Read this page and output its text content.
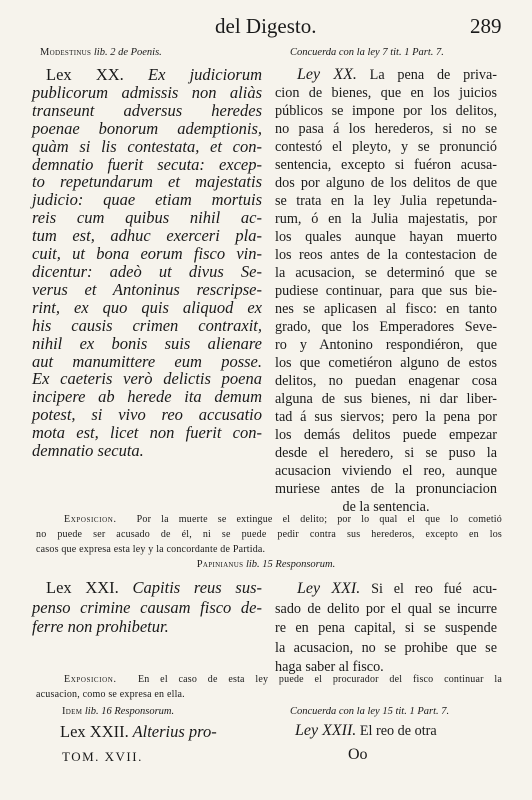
del Digesto.	289
Modestinus lib. 2 de Poenis.	Concuerda con la ley 7 tit. 1 Part. 7.

Lex XX. Ex judiciorum

publicorum admissis non aliàs

transeunt adversus heredes

poenae bonorum ademptionis,

quàm si lis contestata, et con-

demnatio fuerit secuta: excep-

to repetundarum et majestatis

judicio: quae etiam mortuis

reis cum quibus nihil ac-

tum est, adhuc exerceri pla-

cuit, ut bona eorum fisco vin-

dicentur: adeò ut divus Se-

verus et Antoninus rescripse-

rint, ex quo quis aliquod ex

his causis crimen contraxit,

nihil ex bonis suis alienare

aut manumittere eum posse.

Ex caeteris verò delictis poena

incipere ab herede ita demum

potest, si vivo reo accusatio

mota est, licet non fuerit con-

demnatio secuta.

Ley XX. La pena de priva-

cion de bienes, que en los juicios

públicos se impone por los delitos,

no pasa á los herederos, si no se

contestó el pleyto, y se pronunció

sentencia, excepto si fuéron acusa-

dos por alguno de los delitos de que

se trata en la ley Julia repetunda-

rum, ó en la Julia majestatis, por

los quales aunque hayan muerto

los reos antes de la contestacion de

la acusacion, se determinó que se

pudiese continuar, para que sus bie-

nes se aplicasen al fisco: en tanto

grado, que los Emperadores Seve-

ro y Antonino respondiéron, que

los que cometiéron alguno de estos

delitos, no puedan enagenar cosa

alguna de sus bienes, ni dar liber-

tad á sus siervos; pero la pena por

los demás delitos puede empezar

desde el heredero, si se puso la

acusacion viviendo el reo, aunque

muriese antes de la pronunciacion

de la sentencia.

Exposicion. Por la muerte se extingue el delito; por lo qual el que lo cometió

no puede ser acusado de él, ni se puede pedir contra sus herederos, excepto en los

casos que expresa esta ley y la concordante de Partida.

Papinianus lib. 15 Responsorum.

Lex XXI. Capitis reus sus-

penso crimine causam fisco de-

ferre non prohibetur.

Ley XXI. Si el reo fué acu-

sado de delito por el qual se incurre

re en pena capital, si se suspende

la acusacion, no se prohibe que se

haga saber al fisco.

Exposicion. En el caso de esta ley puede el procurador del fisco continuar la

acusacion, como se expresa en ella.

Idem lib. 16 Responsorum.	Concuerda con la ley 15 tit. 1 Part. 7.
Lex XXII. Alterius pro-	Ley XXII. El reo de otra
TOM. XVII.	Oo
